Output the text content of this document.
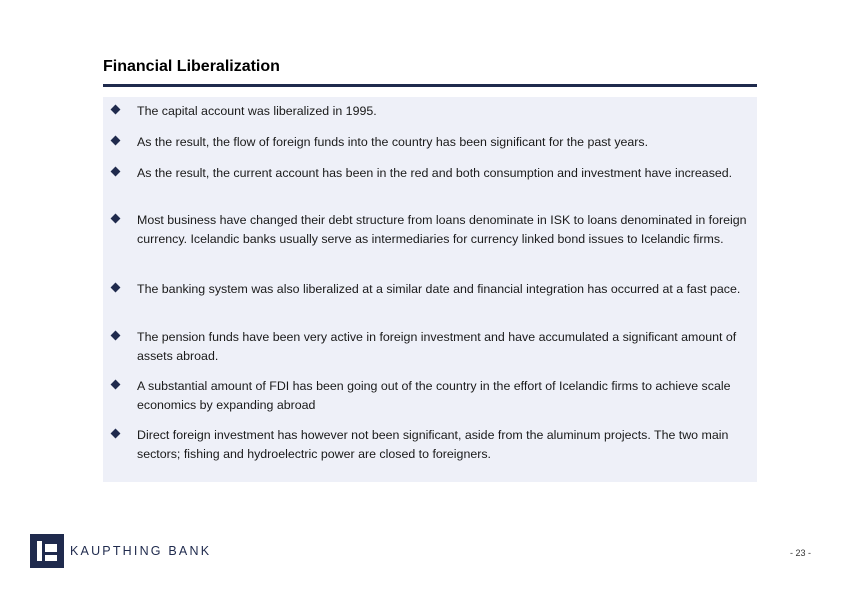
Financial Liberalization
The capital account was liberalized in 1995.
As the result, the flow of foreign funds into the country has been significant for the past years.
As the result, the current account has been in the red and both consumption and investment have increased.
Most business have changed their debt structure from loans denominate in ISK to loans denominated in foreign currency. Icelandic banks usually serve as intermediaries for currency linked bond issues to Icelandic firms.
The banking system was also liberalized at a similar date and financial integration has occurred at a fast pace.
The pension funds have been very active in foreign investment and have accumulated a significant amount of assets abroad.
A substantial amount of FDI has been going out of the country in the effort of Icelandic firms to achieve scale economics by expanding abroad
Direct foreign investment has however not been significant, aside from the aluminum projects. The two main sectors; fishing and hydroelectric power are closed to foreigners.
KAUPTHING BANK	- 23 -
